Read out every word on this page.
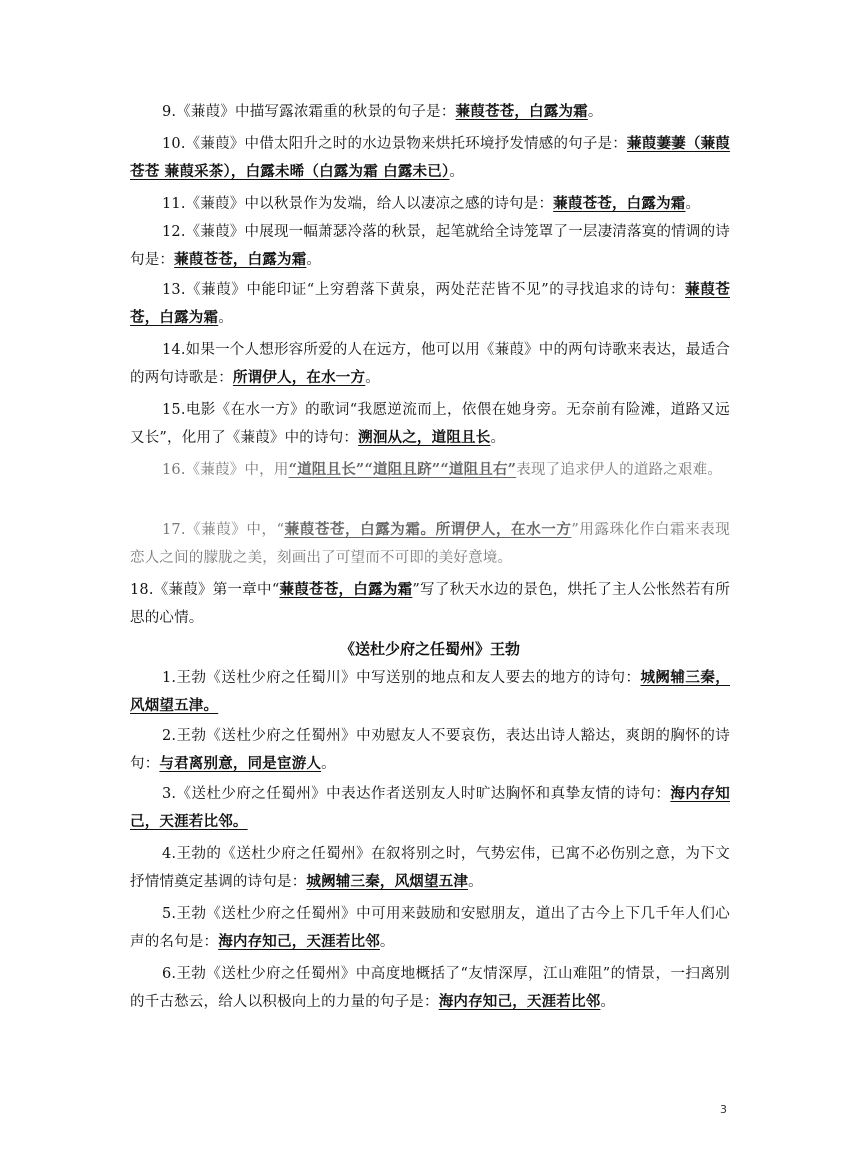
9.《蒹葭》中描写露浓霜重的秋景的句子是：蒹葭苍苍，白露为霜。

10.《蒹葭》中借太阳升之时的水边景物来烘托环境抒发情感的句子是：蒹葭萋萋（蒹葭苍苍 蒹葭采茶），白露未晞（白露为霜 白露未已）。

11.《蒹葭》中以秋景作为发端，给人以凄凉之感的诗句是：蒹葭苍苍，白露为霜。

12.《蒹葭》中展现一幅萧瑟冷落的秋景，起笔就给全诗笼罩了一层凄清落寞的情调的诗句是：蒹葭苍苍，白露为霜。

13.《蒹葭》中能印证“上穷碧落下黄泉，两处茫茫皆不见”的寻找追求的诗句：蒹葭苍苍，白露为霜。

14.如果一个人想形容所爱的人在远方，他可以用《蒹葭》中的两句诗歌来表达，最适合的两句诗歌是：所谓伊人，在水一方。

15.电影《在水一方》的歌词“我愿逆流而上，依偎在她身旁。无奈前有险滩，道路又远又长”，化用了《蒹葭》中的诗句：溯洄从之，道阻且长。

16.《蒹葭》中，用“道阻且长”“道阻且跻”“道阻且右”表现了追求伊人的道路之艰难。

17.《蒹葭》中，“蒹葭苍苍，白露为霜。所谓伊人，在水一方”用露珠化作白霜来表现恋人之间的朦胧之美，刻画出了可望而不可即的美好意境。

18.《蒹葭》第一章中“蒹葭苍苍，白露为霜”写了秋天水边的景色，烘托了主人公怅然若有所思的心情。

《送杜少府之任蜀州》王勃

1.王勃《送杜少府之任蜀川》中写送别的地点和友人要去的地方的诗句：城阙辅三秦，风烟望五津。

2.王勃《送杜少府之任蜀州》中劝慰友人不要哀伤，表达出诗人豁达，爽朗的胸怀的诗句：与君离别意，同是宦游人。

3.《送杜少府之任蜀州》中表达作者送别友人时旷达胸怀和真挚友情的诗句：海内存知己，天涯若比邻。

4.王勃的《送杜少府之任蜀州》在叙将别之时，气势宏伟，已寓不必伤别之意，为下文抒情情奠定基调的诗句是：城阙辅三秦，风烟望五津。

5.王勃《送杜少府之任蜀州》中可用来鼓励和安慰朋友，道出了古今上下几千年人们心声的名句是：海内存知己，天涯若比邻。

6.王勃《送杜少府之任蜀州》中高度地概括了“友情深厚，江山难阻”的情景，一扫离别的千古愁云，给人以积极向上的力量的句子是：海内存知己，天涯若比邻。

3
